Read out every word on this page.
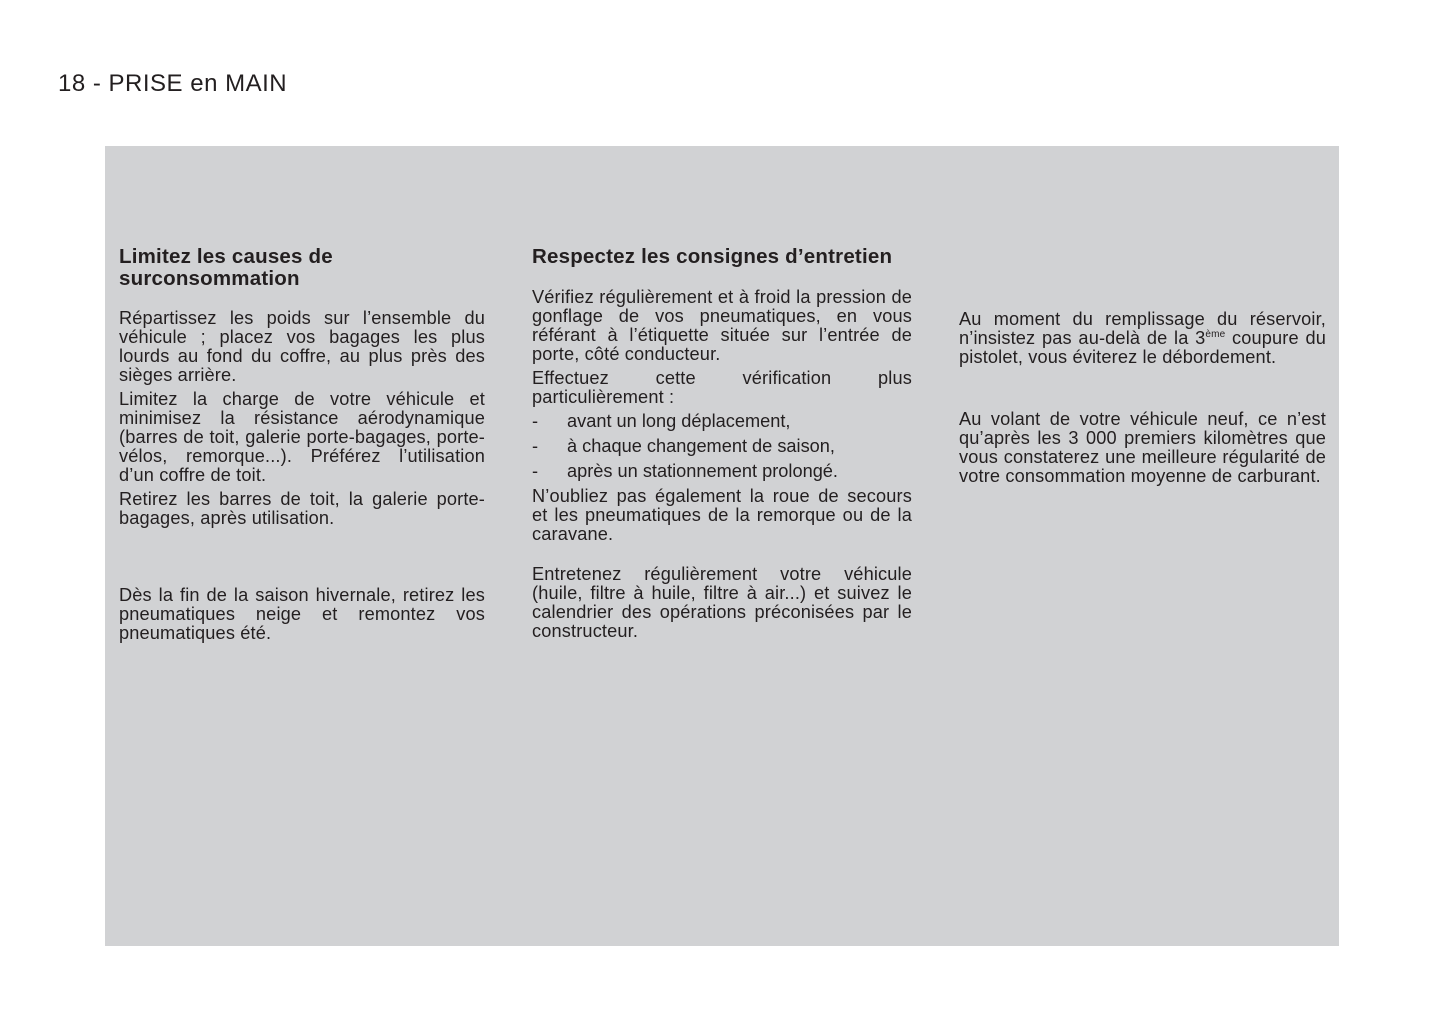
18 - PRISE en MAIN
Limitez les causes de surconsommation

Répartissez les poids sur l’ensemble du véhicule ; placez vos bagages les plus lourds au fond du coffre, au plus près des sièges arrière.

Limitez la charge de votre véhicule et minimisez la résistance aérodynamique (barres de toit, galerie porte-bagages, porte-vélos, remorque...). Préférez l’utilisation d’un coffre de toit.

Retirez les barres de toit, la galerie porte-bagages, après utilisation.

Dès la fin de la saison hivernale, retirez les pneumatiques neige et remontez vos pneumatiques été.

Respectez les consignes d’entretien

Vérifiez régulièrement et à froid la pression de gonflage de vos pneumatiques, en vous référant à l’étiquette située sur l’entrée de porte, côté conducteur.

Effectuez cette vérification plus particulièrement :

- avant un long déplacement,
- à chaque changement de saison,
- après un stationnement prolongé.

N’oubliez pas également la roue de secours et les pneumatiques de la remorque ou de la caravane.

Entretenez régulièrement votre véhicule (huile, filtre à huile, filtre à air...) et suivez le calendrier des opérations préconisées par le constructeur.

Au moment du remplissage du réservoir, n’insistez pas au-delà de la 3ème coupure du pistolet, vous éviterez le débordement.

Au volant de votre véhicule neuf, ce n’est qu’après les 3 000 premiers kilomètres que vous constaterez une meilleure régularité de votre consommation moyenne de carburant.
